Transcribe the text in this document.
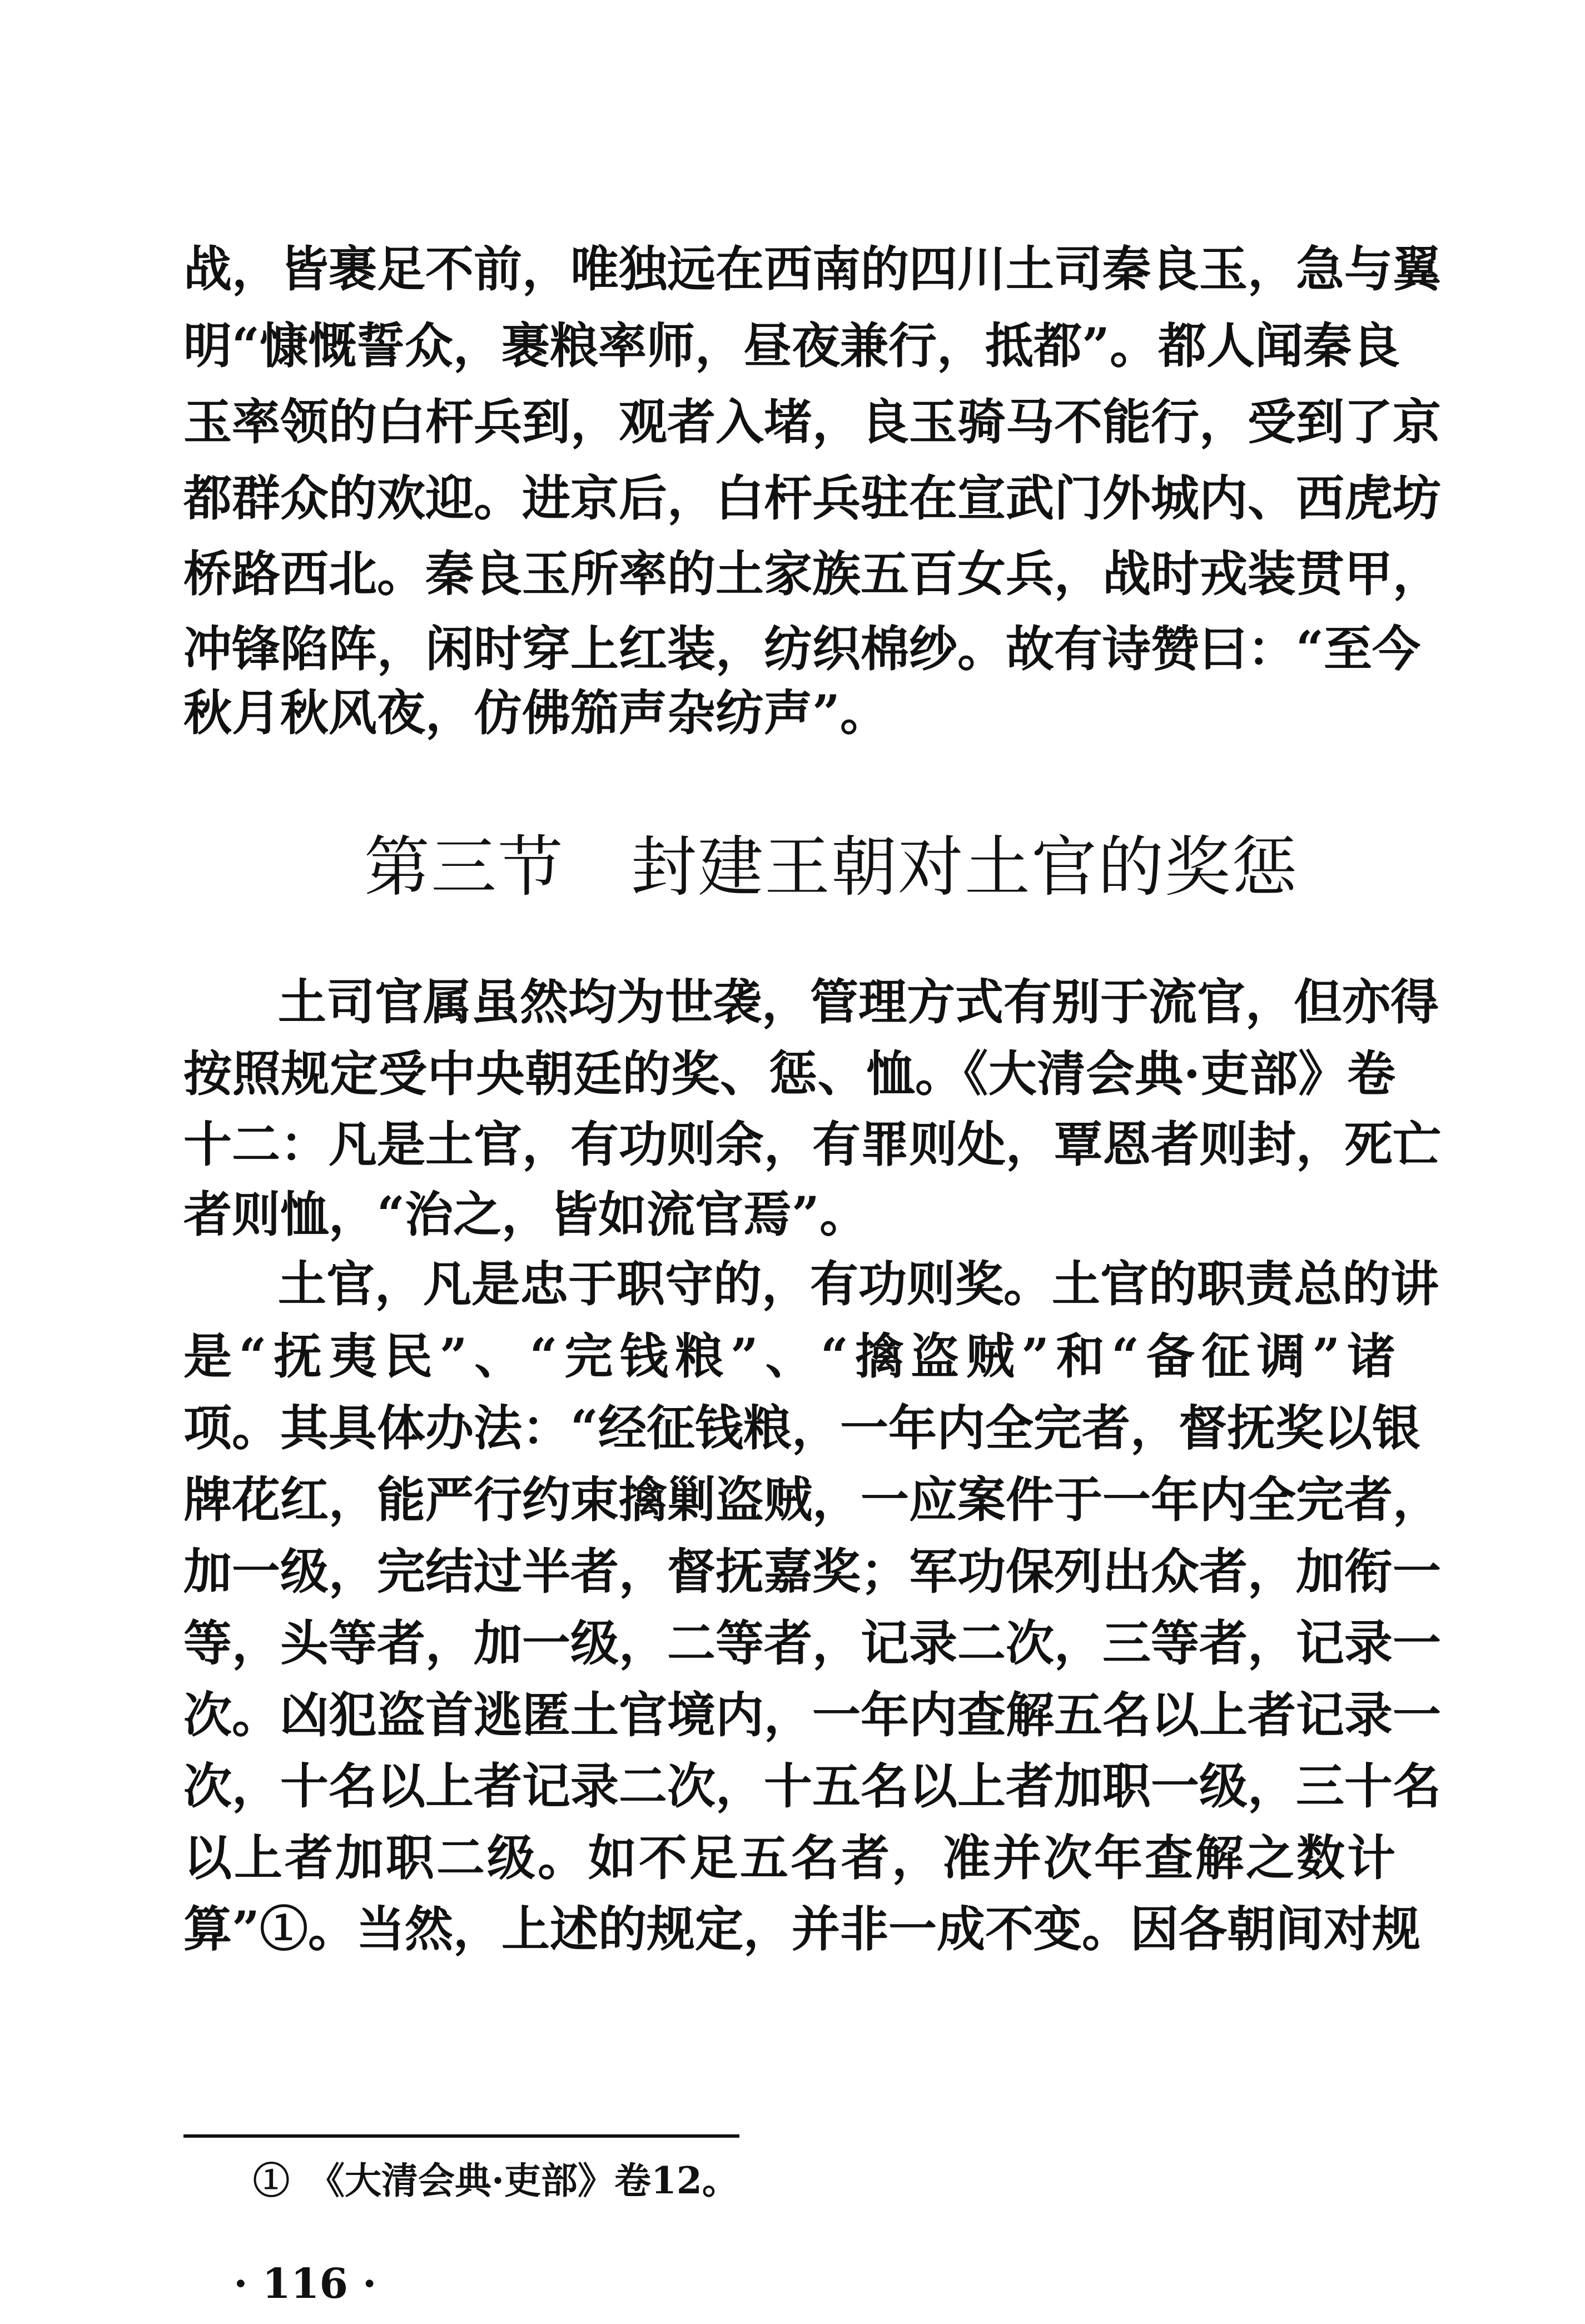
战，皆裹足不前，唯独远在西南的四川土司秦良玉，急与翼
明“慷慨誓众，裹粮率师，昼夜兼行，抵都”。都人闻秦良
玉率领的白杆兵到，观者入堵，良玉骑马不能行，受到了京
都群众的欢迎。进京后，白杆兵驻在宣武门外城内、西虎坊
桥路西北。秦良玉所率的土家族五百女兵，战时戎装贯甲，
冲锋陷阵，闲时穿上红装，纺织棉纱。故有诗赞曰：“至今
秋月秋风夜，仿佛笳声杂纺声”。
第三节　封建王朝对土官的奖惩
土司官属虽然均为世袭，管理方式有别于流官，但亦得
按照规定受中央朝廷的奖、惩、恤。《大清会典·吏部》卷
十二：凡是土官，有功则余，有罪则处，覃恩者则封，死亡
者则恤，“治之，皆如流官焉”。
土官，凡是忠于职守的，有功则奖。土官的职责总的讲
是“抚夷民”、“完钱粮”、“擒盗贼”和“备征调”诸
项。其具体办法：“经征钱粮，一年内全完者，督抚奖以银
牌花红，能严行约束擒剿盗贼，一应案件于一年内全完者，
加一级，完结过半者，督抚嘉奖；军功保列出众者，加衔一
等，头等者，加一级，二等者，记录二次，三等者，记录一
次。凶犯盗首逃匿土官境内，一年内查解五名以上者记录一
次，十名以上者记录二次，十五名以上者加职一级，三十名
以上者加职二级。如不足五名者，准并次年查解之数计
算”①。当然，上述的规定，并非一成不变。因各朝间对规
①　《大清会典·吏部》卷12。
· 116 ·
